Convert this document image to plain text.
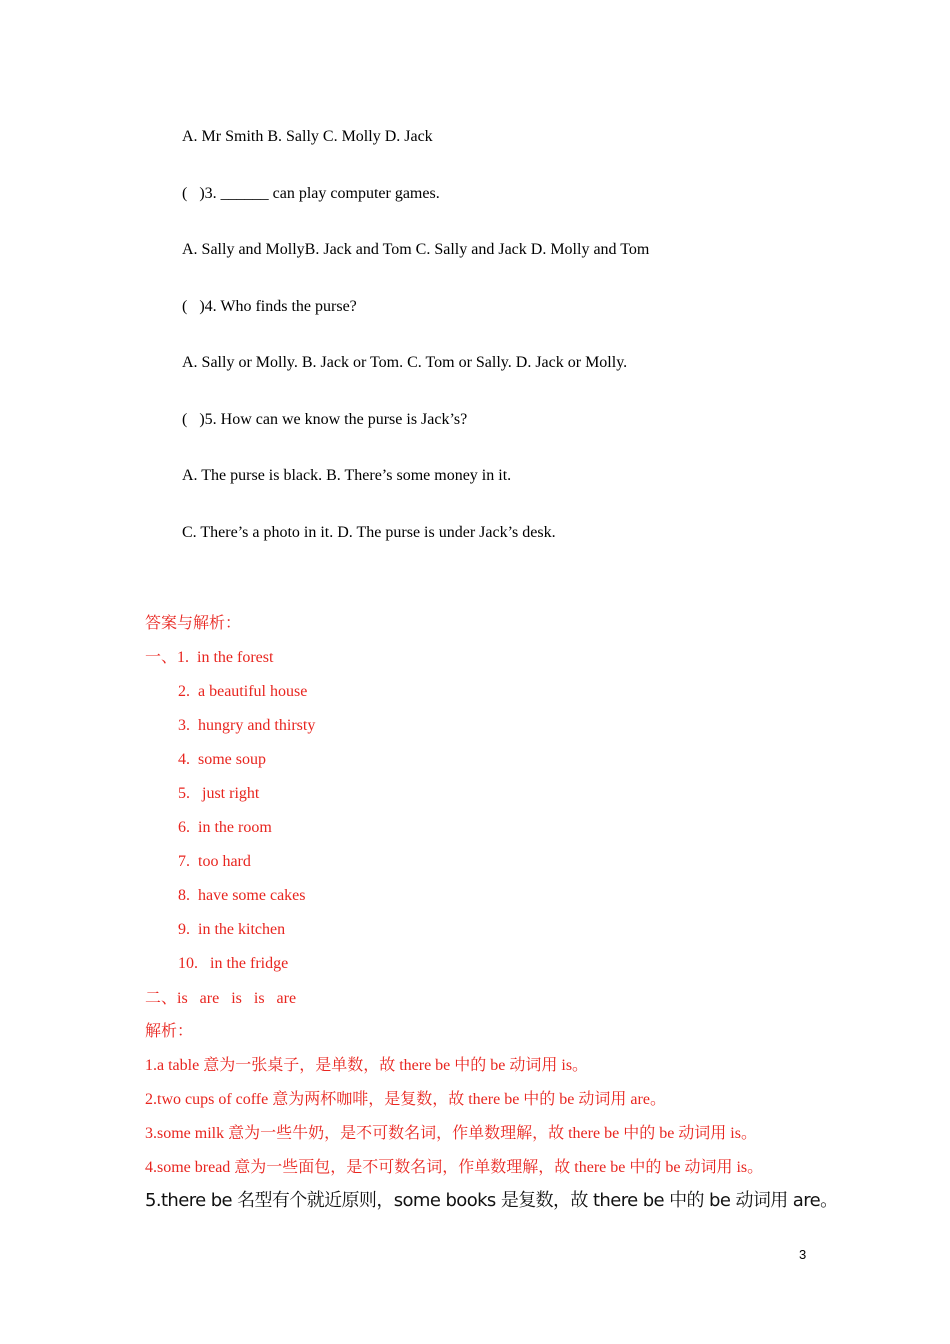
A. Mr Smith B. Sally C. Molly D. Jack
(   )3. ______ can play computer games.
A. Sally and MollyB. Jack and Tom C. Sally and Jack D. Molly and Tom
(   )4. Who finds the purse?
A. Sally or Molly. B. Jack or Tom. C. Tom or Sally. D. Jack or Molly.
(   )5. How can we know the purse is Jack’s?
A. The purse is black. B. There’s some money in it.
C. There’s a photo in it. D. The purse is under Jack’s desk.
答案与解析：
一、1.  in the forest
2.  a beautiful house
3.  hungry and thirsty
4.  some soup
5.   just right
6.  in the room
7.  too hard
8.  have some cakes
9.  in the kitchen
10.   in the fridge
二、is   are   is   is   are
解析：
1.a table 意为一张桌子，是单数，故 there be 中的 be 动词用 is。
2.two cups of coffe 意为两杯咖啡，是复数，故 there be 中的 be 动词用 are。
3.some milk 意为一些牛奶，是不可数名词，作单数理解，故 there be 中的 be 动词用 is。
4.some bread 意为一些面包，是不可数名词，作单数理解，故 there be 中的 be 动词用 is。
5.there be 名型有个就近原则，some books 是复数，故 there be 中的 be 动词用 are。
3
